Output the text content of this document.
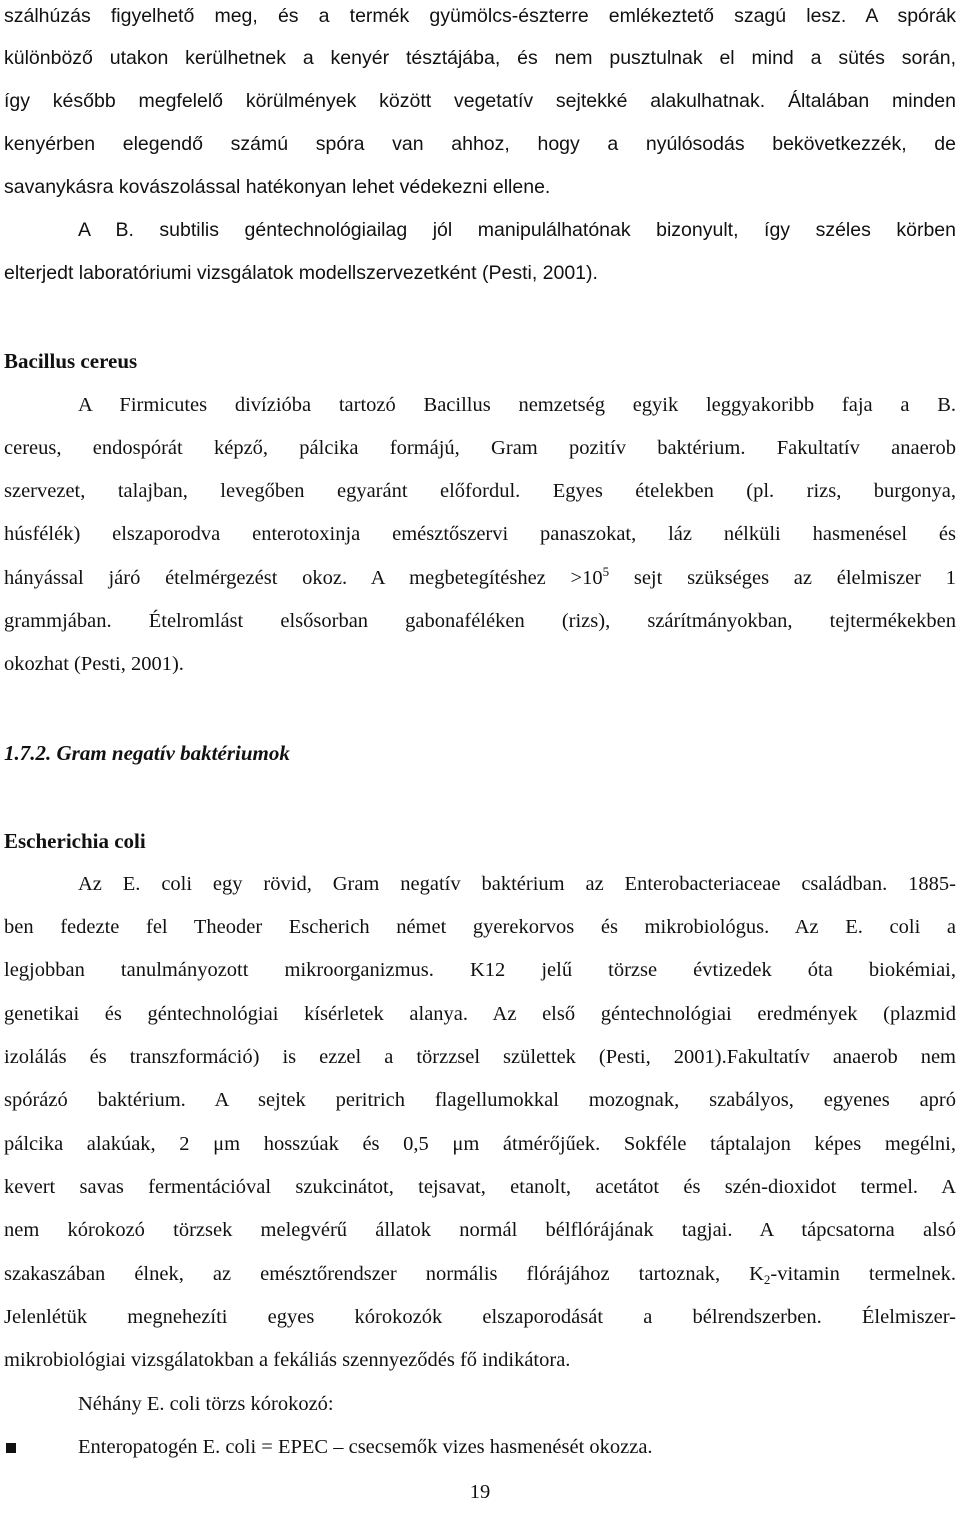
szálhúzás figyelhető meg, és a termék gyümölcs-észterre emlékeztető szagú lesz. A spórák
különböző utakon kerülhetnek a kenyér tésztájába, és nem pusztulnak el mind a sütés során,
így később megfelelő körülmények között vegetatív sejtekké alakulhatnak. Általában minden
kenyérben elegendő számú spóra van ahhoz, hogy a nyúlósodás bekövetkezzék, de
savanykásra kovászolással hatékonyan lehet védekezni ellene.
A B. subtilis géntechnológiailag jól manipulálhatónak bizonyult, így széles körben
elterjedt laboratóriumi vizsgálatok modellszervezetként (Pesti, 2001).
Bacillus cereus
A Firmicutes divízióba tartozó Bacillus nemzetség egyik leggyakoribb faja a B.
cereus, endospórát képző, pálcika formájú, Gram pozitív baktérium. Fakultatív anaerob
szervezet, talajban, levegőben egyaránt előfordul. Egyes ételekben (pl. rizs, burgonya,
húsfélék) elszaporodva enterotoxinja emésztőszervi panaszokat, láz nélküli hasmenésel és
hányással járó ételmérgezést okoz. A megbetegítéshez $>10^5$ sejt szükséges az élelmiszer 1
grammjában. Ételromlást elsősorban gabonaféléken (rizs), szárítmányokban, tejtermékekben
okozhat (Pesti, 2001).
1.7.2. Gram negatív baktériumok
Escherichia coli
Az E. coli egy rövid, Gram negatív baktérium az Enterobacteriaceae családban. 1885-
ben fedezte fel Theoder Escherich német gyerekorvos és mikrobiológus. Az E. coli a
legjobban tanulmányozott mikroorganizmus. K12 jelű törzse évtizedek óta biokémiai,
genetikai és géntechnológiai kísérletek alanya. Az első géntechnológiai eredmények (plazmid
izolálás és transzformáció) is ezzel a törzzsel születtek (Pesti, 2001).Fakultatív anaerob nem
spórázó baktérium. A sejtek peritrich flagellumokkal mozognak, szabályos, egyenes apró
pálcika alakúak, 2 μm hosszúak és 0,5 μm átmérőjűek. Sokféle táptalajon képes megélni,
kevert savas fermentációval szukcinátot, tejsavat, etanolt, acetátot és szén-dioxidot termel. A
nem kórokozó törzsek melegvérű állatok normál bélflórájának tagjai. A tápcsatorna alsó
szakaszában élnek, az emésztőrendszer normális flórájához tartoznak, $K_2$-vitamin termelnek.
Jelenlétük megnehezíti egyes kórokozók elszaporodását a bélrendszerben. Élelmiszer-
mikrobiológiai vizsgálatokban a fekáliás szennyeződés fő indikátora.
Néhány E. coli törzs kórokozó:
Enteropatogén E. coli = EPEC – csecsemők vizes hasmenését okozza.
19
